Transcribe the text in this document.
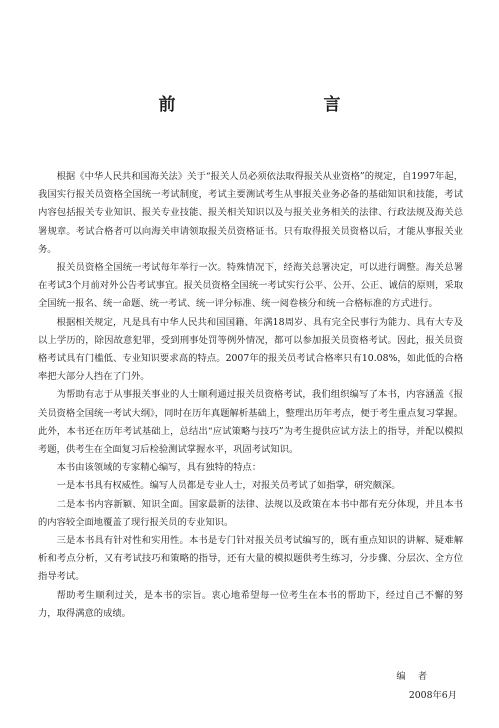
前　　言

根据《中华人民共和国海关法》关于“报关人员必须依法取得报关从业资格”的规定，自1997年起，我国实行报关员资格全国统一考试制度，考试主要测试考生从事报关业务必备的基础知识和技能，考试内容包括报关专业知识、报关专业技能、报关相关知识以及与报关业务相关的法律、行政法规及海关总署规章。考试合格者可以向海关申请领取报关员资格证书。只有取得报关员资格以后，才能从事报关业务。

报关员资格全国统一考试每年举行一次。特殊情况下，经海关总署决定，可以进行调整。海关总署在考试3个月前对外公告考试事宜。报关员资格全国统一考试实行公平、公开、公正、诚信的原则，采取全国统一报名、统一命题、统一考试、统一评分标准、统一阅卷核分和统一合格标准的方式进行。

根据相关规定，凡是具有中华人民共和国国籍、年满18周岁、具有完全民事行为能力、具有大专及以上学历的，除因故意犯罪，受到刑事处罚等例外情况，都可以参加报关员资格考试。因此，报关员资格考试具有门槛低、专业知识要求高的特点。2007年的报关员考试合格率只有10.08%，如此低的合格率把大部分人挡在了门外。

为帮助有志于从事报关事业的人士顺利通过报关员资格考试，我们组织编写了本书，内容涵盖《报关员资格全国统一考试大纲》，同时在历年真题解析基础上，整理出历年考点，便于考生重点复习掌握。此外，本书还在历年考试基础上，总结出“应试策略与技巧”为考生提供应试方法上的指导，并配以模拟考题，供考生在全面复习后检验测试掌握水平，巩固考试知识。

本书由该领域的专家精心编写，具有独特的特点：

一是本书具有权威性。编写人员都是专业人士，对报关员考试了如指掌，研究颇深。

二是本书内容新颖、知识全面。国家最新的法律、法规以及政策在本书中都有充分体现，并且本书的内容较全面地覆盖了现行报关员的专业知识。

三是本书具有针对性和实用性。本书是专门针对报关员考试编写的，既有重点知识的讲解、疑难解析和考点分析，又有考试技巧和策略的指导，还有大量的模拟题供考生练习，分步骤、分层次、全方位指导考试。

帮助考生顺利过关，是本书的宗旨。衷心地希望每一位考生在本书的帮助下，经过自己不懈的努力，取得满意的成绩。

编者
2008年6月
